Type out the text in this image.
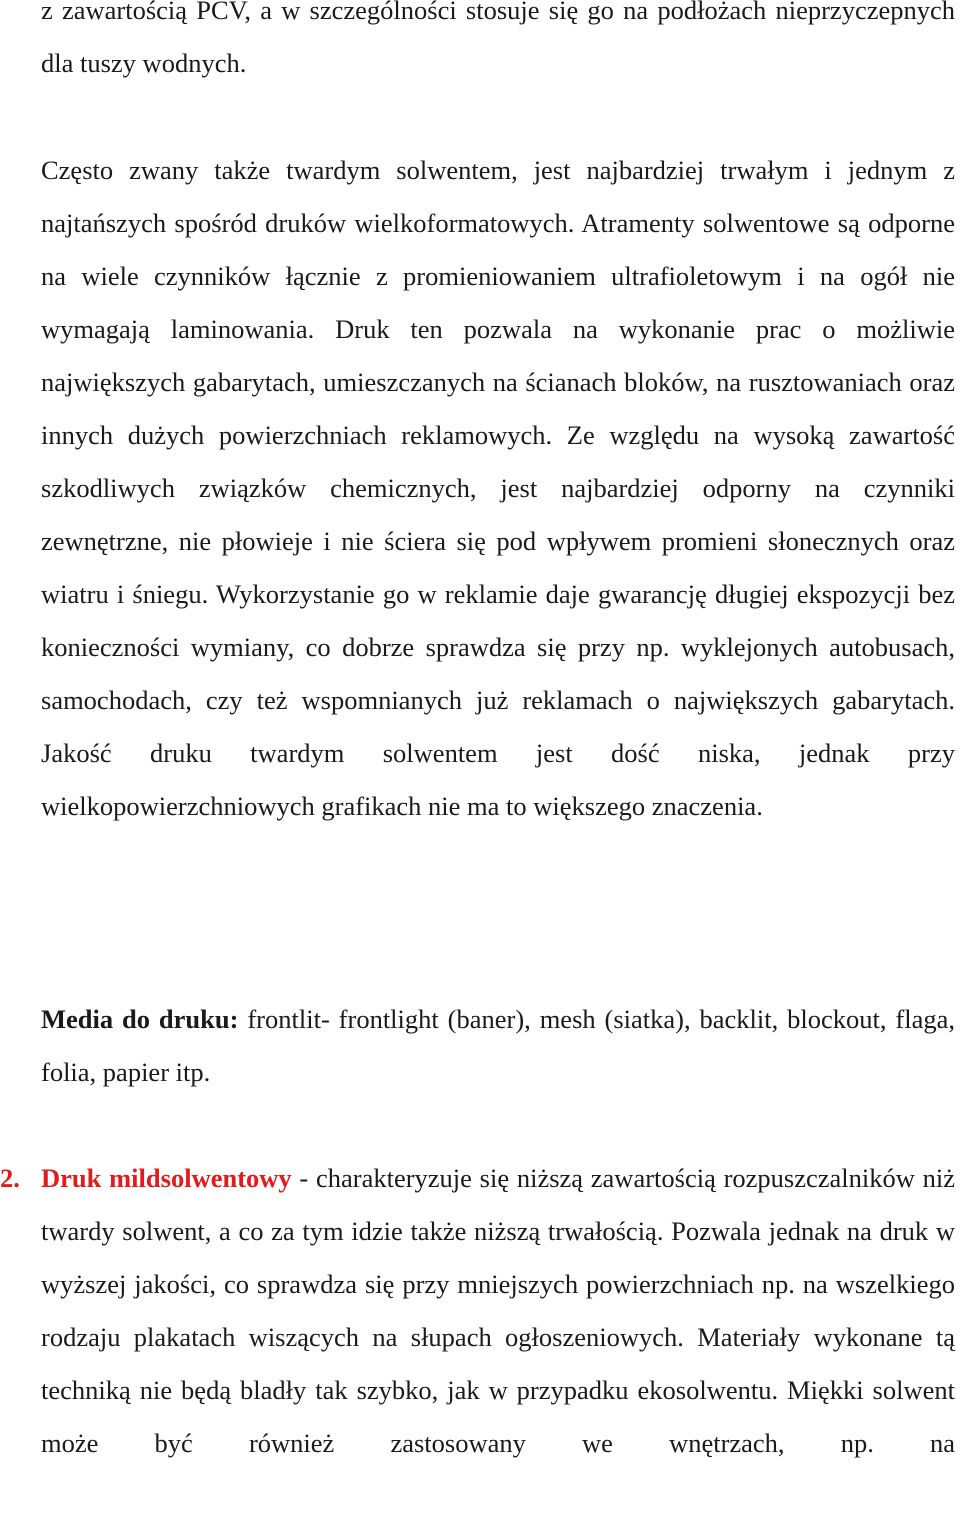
z zawartością PCV, a w szczególności stosuje się go na podłożach nieprzyczepnych dla tuszy wodnych.

Często zwany także twardym solwentem, jest najbardziej trwałym i jednym z najtańszych spośród druków wielkoformatowych. Atramenty solwentowe są odporne na wiele czynników łącznie z promieniowaniem ultrafioletowym i na ogół nie wymagają laminowania. Druk ten pozwala na wykonanie prac o możliwie największych gabarytach, umieszczanych na ścianach bloków, na rusztowaniach oraz innych dużych powierzchniach reklamowych. Ze względu na wysoką zawartość szkodliwych związków chemicznych, jest najbardziej odporny na czynniki zewnętrzne, nie płowieje i nie ściera się pod wpływem promieni słonecznych oraz wiatru i śniegu. Wykorzystanie go w reklamie daje gwarancję długiej ekspozycji bez konieczności wymiany, co dobrze sprawdza się przy np. wyklejonych autobusach, samochodach, czy też wspomnianych już reklamach o największych gabarytach. Jakość druku twardym solwentem jest dość niska, jednak przy wielkopowierzchniowych grafikach nie ma to większego znaczenia.

Media do druku: frontlit- frontlight (baner), mesh (siatka), backlit, blockout, flaga, folia, papier itp.

2. Druk mildsolwentowy - charakteryzuje się niższą zawartością rozpuszczalników niż twardy solwent, a co za tym idzie także niższą trwałością. Pozwala jednak na druk w wyższej jakości, co sprawdza się przy mniejszych powierzchniach np. na wszelkiego rodzaju plakatach wiszących na słupach ogłoszeniowych. Materiały wykonane tą techniką nie będą bladły tak szybko, jak w przypadku ekosolwentu. Miękki solwent może być również zastosowany we wnętrzach, np. na
